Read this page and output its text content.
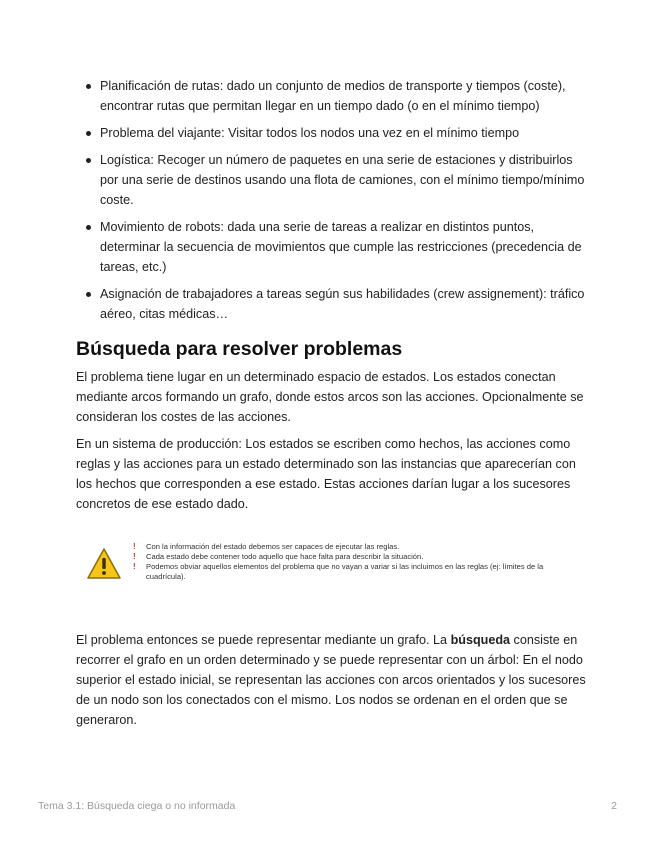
Planificación de rutas: dado un conjunto de medios de transporte y tiempos (coste), encontrar rutas que permitan llegar en un tiempo dado (o en el mínimo tiempo)
Problema del viajante: Visitar todos los nodos una vez en el mínimo tiempo
Logística: Recoger un número de paquetes en una serie de estaciones y distribuirlos por una serie de destinos usando una flota de camiones, con el mínimo tiempo/mínimo coste.
Movimiento de robots: dada una serie de tareas a realizar en distintos puntos, determinar la secuencia de movimientos que cumple las restricciones (precedencia de tareas, etc.)
Asignación de trabajadores a tareas según sus habilidades (crew assignement): tráfico aéreo, citas médicas…
Búsqueda para resolver problemas

El problema tiene lugar en un determinado espacio de estados. Los estados conectan mediante arcos formando un grafo, donde estos arcos son las acciones. Opcionalmente se consideran los costes de las acciones.

En un sistema de producción: Los estados se escriben como hechos, las acciones como reglas y las acciones para un estado determinado son las instancias que aparecerían con los hechos que corresponden a ese estado. Estas acciones darían lugar a los sucesores concretos de ese estado dado.

! Con la información del estado debemos ser capaces de ejecutar las reglas.
! Cada estado debe contener todo aquello que hace falta para describir la situación.
! Podemos obviar aquellos elementos del problema que no vayan a variar si las incluimos en las reglas (ej: límites de la cuadrícula).

El problema entonces se puede representar mediante un grafo. La búsqueda consiste en recorrer el grafo en un orden determinado y se puede representar con un árbol: En el nodo superior el estado inicial, se representan las acciones con arcos orientados y los sucesores de un nodo son los conectados con el mismo. Los nodos se ordenan en el orden que se generaron.

Tema 3.1: Búsqueda ciega o no informada	2
